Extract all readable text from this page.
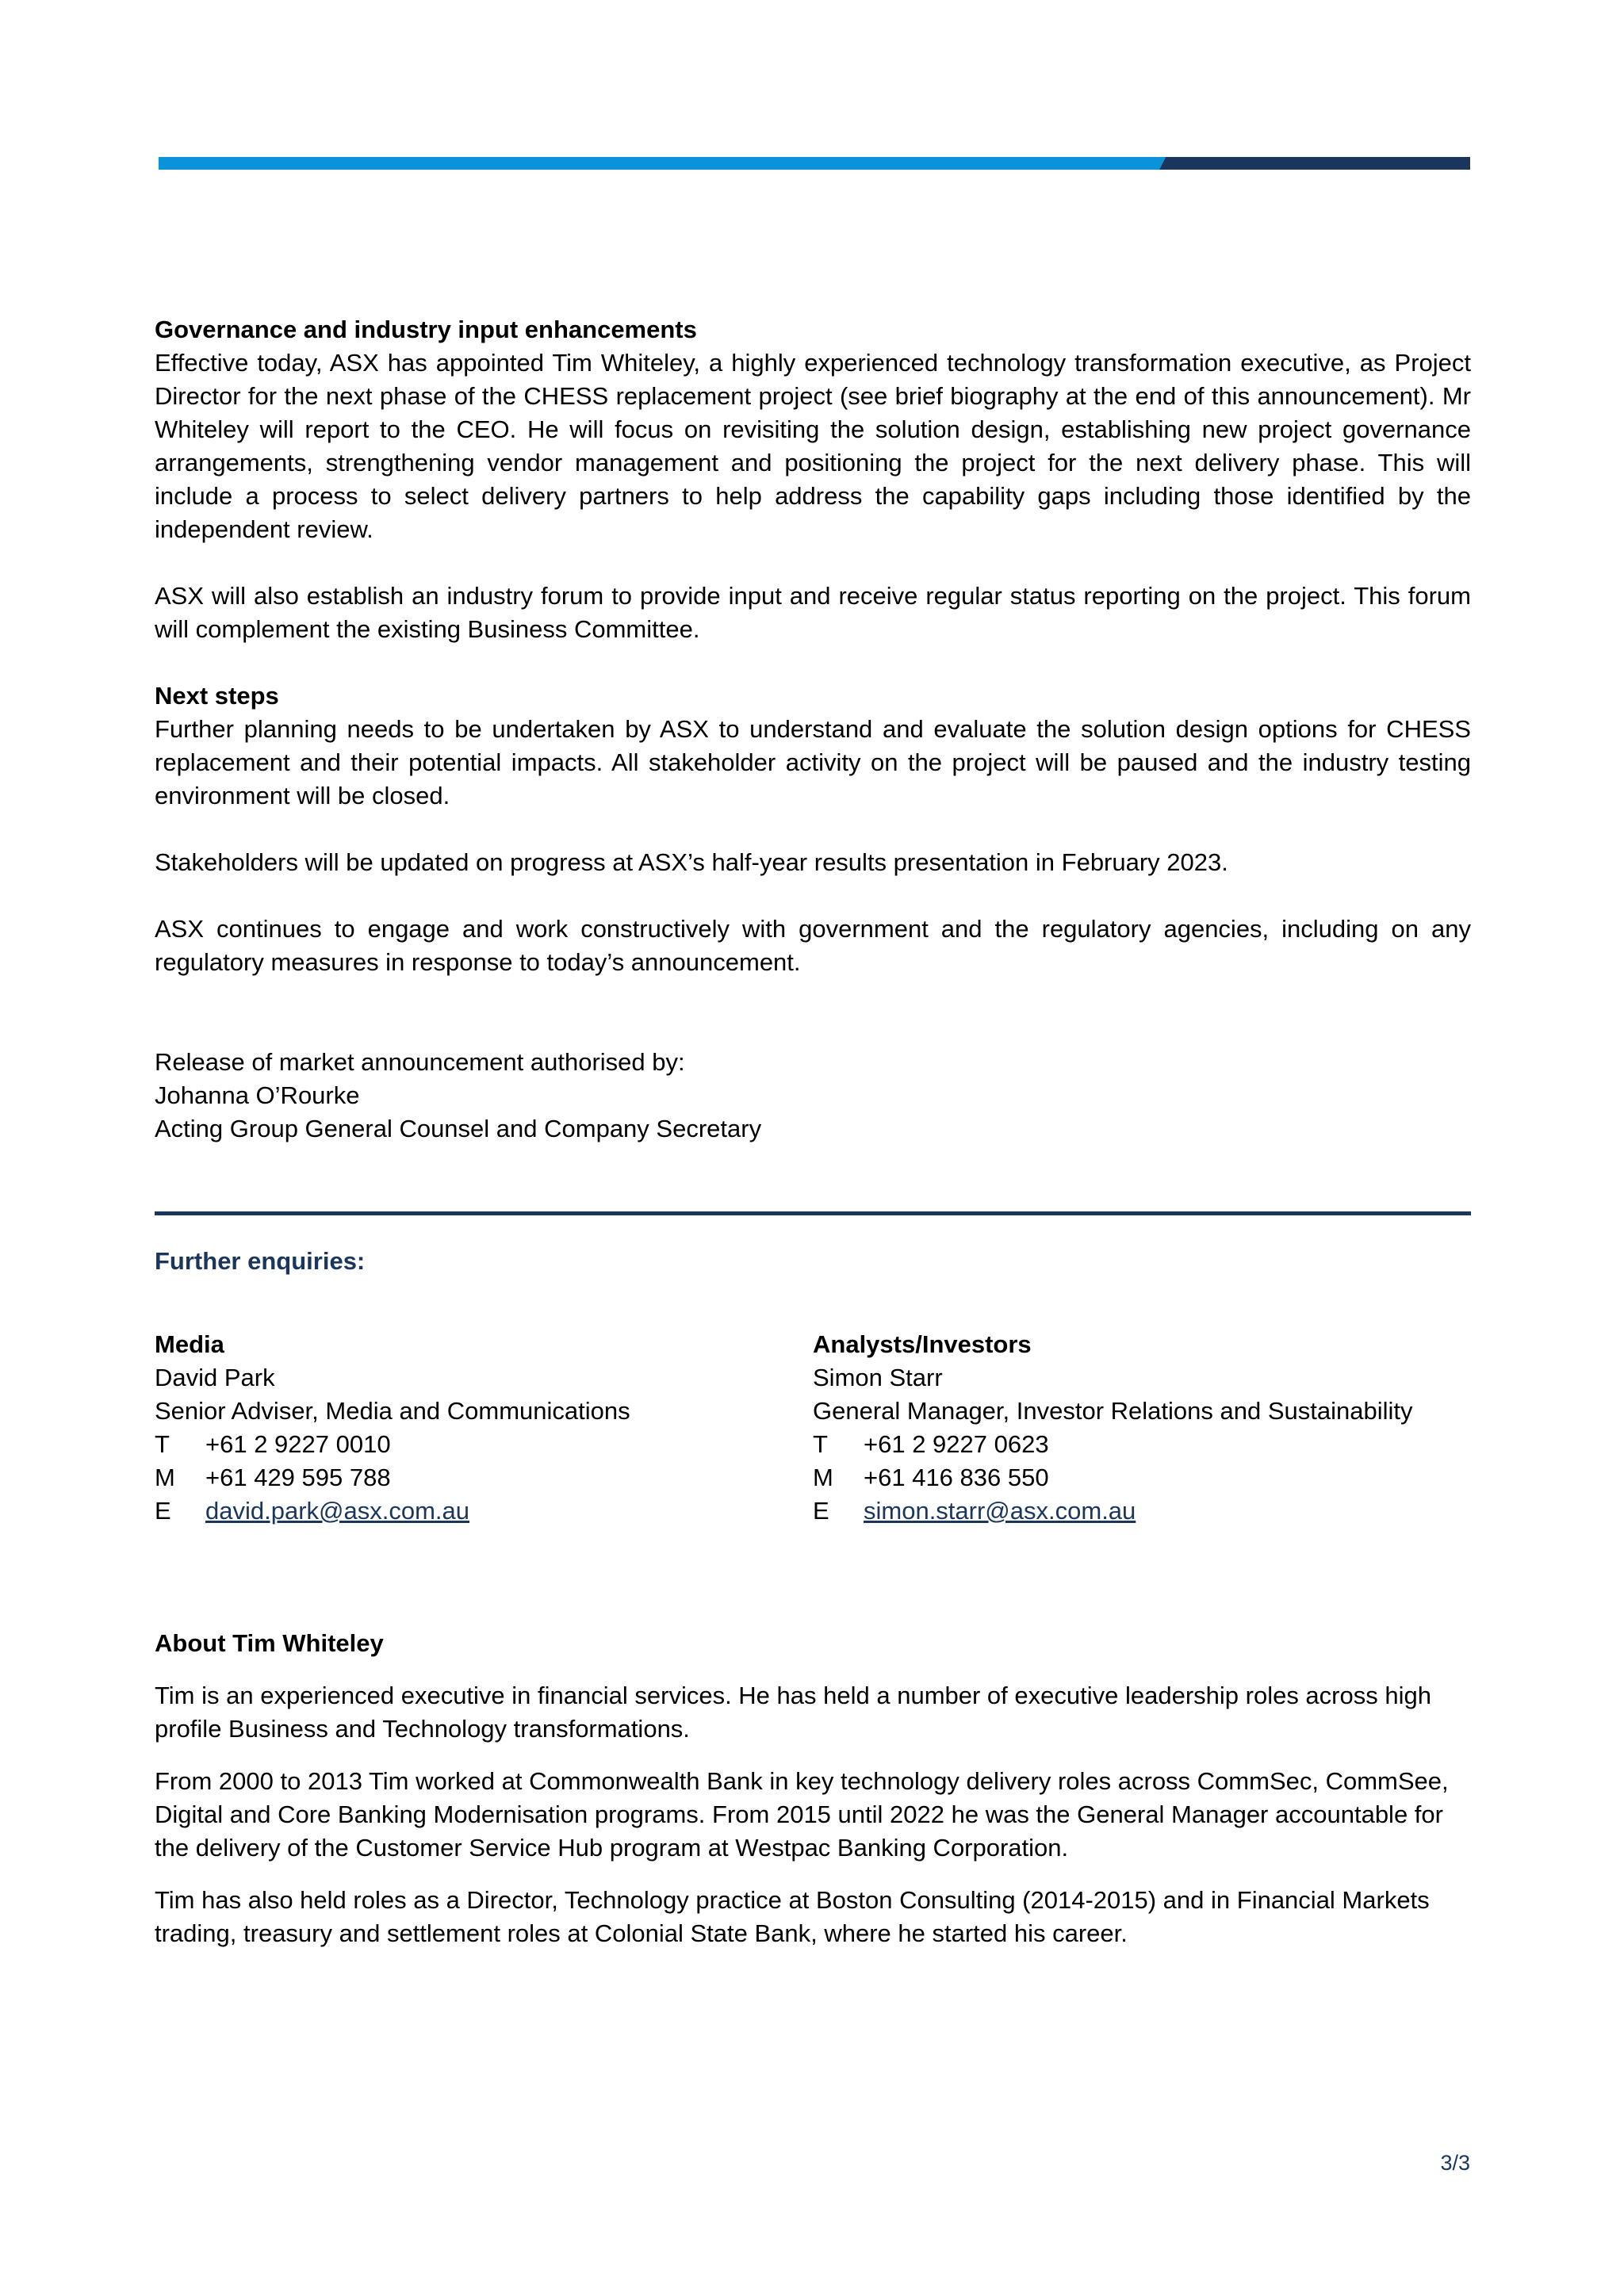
Governance and industry input enhancements

Effective today, ASX has appointed Tim Whiteley, a highly experienced technology transformation executive, as Project Director for the next phase of the CHESS replacement project (see brief biography at the end of this announcement). Mr Whiteley will report to the CEO. He will focus on revisiting the solution design, establishing new project governance arrangements, strengthening vendor management and positioning the project for the next delivery phase. This will include a process to select delivery partners to help address the capability gaps including those identified by the independent review.

ASX will also establish an industry forum to provide input and receive regular status reporting on the project. This forum will complement the existing Business Committee.

Next steps

Further planning needs to be undertaken by ASX to understand and evaluate the solution design options for CHESS replacement and their potential impacts. All stakeholder activity on the project will be paused and the industry testing environment will be closed.

Stakeholders will be updated on progress at ASX’s half-year results presentation in February 2023.

ASX continues to engage and work constructively with government and the regulatory agencies, including on any regulatory measures in response to today’s announcement.

Release of market announcement authorised by:

Johanna O’Rourke

Acting Group General Counsel and Company Secretary

Further enquiries:
Media
David Park
Senior Adviser, Media and Communications
T	+61 2 9227 0010
M	+61 429 595 788
E	david.park@asx.com.au
Analysts/Investors
Simon Starr
General Manager, Investor Relations and Sustainability
T	+61 2 9227 0623
M	+61 416 836 550
E	simon.starr@asx.com.au

About Tim Whiteley

Tim is an experienced executive in financial services. He has held a number of executive leadership roles across high profile Business and Technology transformations.

From 2000 to 2013 Tim worked at Commonwealth Bank in key technology delivery roles across CommSec, CommSee, Digital and Core Banking Modernisation programs. From 2015 until 2022 he was the General Manager accountable for the delivery of the Customer Service Hub program at Westpac Banking Corporation.

Tim has also held roles as a Director, Technology practice at Boston Consulting (2014-2015) and in Financial Markets trading, treasury and settlement roles at Colonial State Bank, where he started his career.

3/3
